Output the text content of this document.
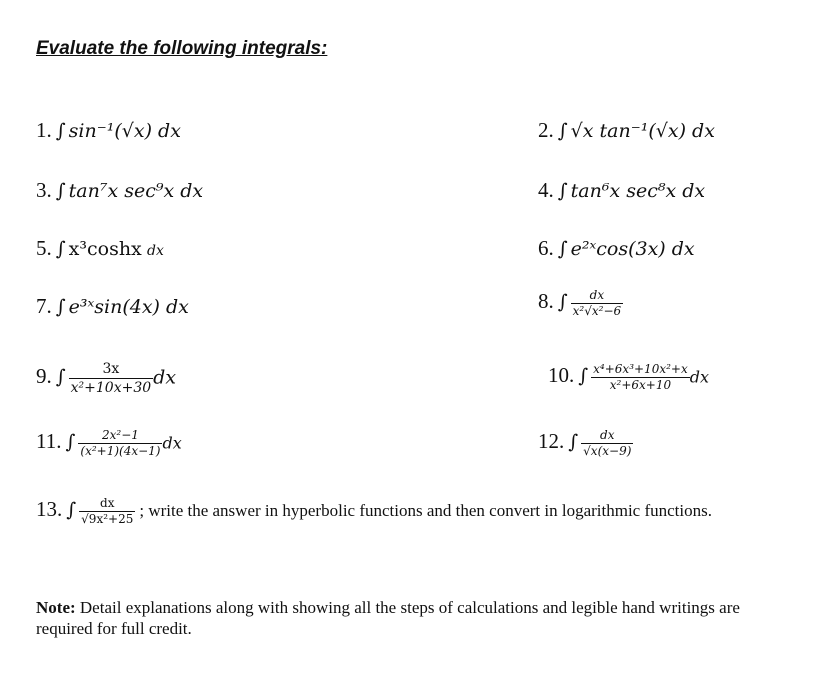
Evaluate the following integrals:
1. ∫ sin⁻¹(√x) dx	2. ∫ √x tan⁻¹(√x) dx
3. ∫ tan⁷x sec⁹x dx	4. ∫ tan⁶x sec⁸x dx
5. ∫ x³coshx dx	6. ∫ e²ˣcos(3x) dx
7. ∫ e³ˣsin(4x) dx	8. ∫ $\frac{dx}{\text{x²√x²−6}}$
9. ∫ $\frac{3x}{\text{x²+10x+30}}$ dx	10. ∫ $\frac{\text{x⁴+6x³+10x²+x}}{\text{x²+6x+10}}$ dx
11. ∫ $\frac{\text{2x²−1}}{\text{(x²+1)(4x−1)}}$ dx	12. ∫ $\frac{dx}{√x(x-9)}$
13. ∫ $\frac{dx}{\text{√9x²+25}}$ ; write the answer in hyperbolic functions and then convert in logarithmic functions.
Note: Detail explanations along with showing all the steps of calculations and legible hand writings are required for full credit.
